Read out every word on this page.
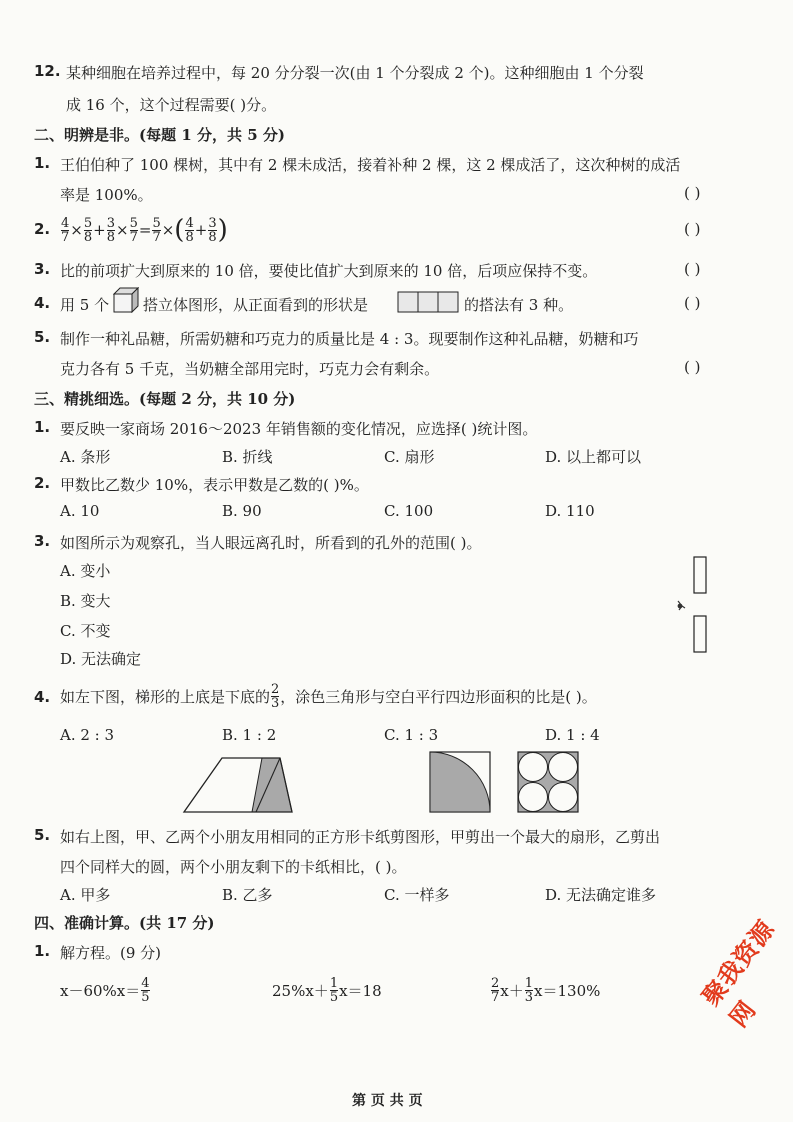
12. 某种细胞在培养过程中，每 20 分分裂一次(由 1 个分裂成 2 个)。这种细胞由 1 个分裂
成 16 个，这个过程需要( )分。
二、明辨是非。(每题 1 分，共 5 分)
1. 王伯伯种了 100 棵树，其中有 2 棵未成活，接着补种 2 棵，这 2 棵成活了，这次种树的成活
率是 100%。	( )
2. $\frac{4}{7} \times \frac{5}{8} + \frac{3}{8} \times \frac{5}{7} = \frac{5}{7}$ × ( $\frac{4}{8} + \frac{3}{8}$ )	( )
3. 比的前项扩大到原来的 10 倍，要使比值扩大到原来的 10 倍，后项应保持不变。	( )
4. 用 5 个 搭立体图形，从正面看到的形状是	的搭法有 3 种。	( )
5. 制作一种礼品糖，所需奶糖和巧克力的质量比是 4 : 3。现要制作这种礼品糖，奶糖和巧
克力各有 5 千克，当奶糖全部用完时，巧克力会有剩余。	( )
三、精挑细选。(每题 2 分，共 10 分)
1. 要反映一家商场 2016～2023 年销售额的变化情况，应选择( )统计图。
A. 条形	B. 折线	C. 扇形	D. 以上都可以
2. 甲数比乙数少 10%，表示甲数是乙数的( )%。
A. 10	B. 90	C. 100	D. 110
3. 如图所示为观察孔，当人眼远离孔时，所看到的孔外的范围( )。
A. 变小
B. 变大
C. 不变
D. 无法确定
4. 如左下图，梯形的上底是下底的 $\frac{2}{3}$ ，涂色三角形与空白平行四边形面积的比是( )。
A. 2 : 3	B. 1 : 2	C. 1 : 3	D. 1 : 4
5. 如右上图，甲、乙两个小朋友用相同的正方形卡纸剪图形，甲剪出一个最大的扇形，乙剪出
四个同样大的圆，两个小朋友剩下的卡纸相比，( )。
A. 甲多	B. 乙多	C. 一样多	D. 无法确定谁多
四、准确计算。(共 17 分)
1. 解方程。(9 分)
$x-60\%x= \frac{4}{5}$	$25\%x+ \frac{1}{5} x=18$	$\frac{2}{7} x+ \frac{1}{3} x=130\%$	聚我资源网
第 页 共 页
